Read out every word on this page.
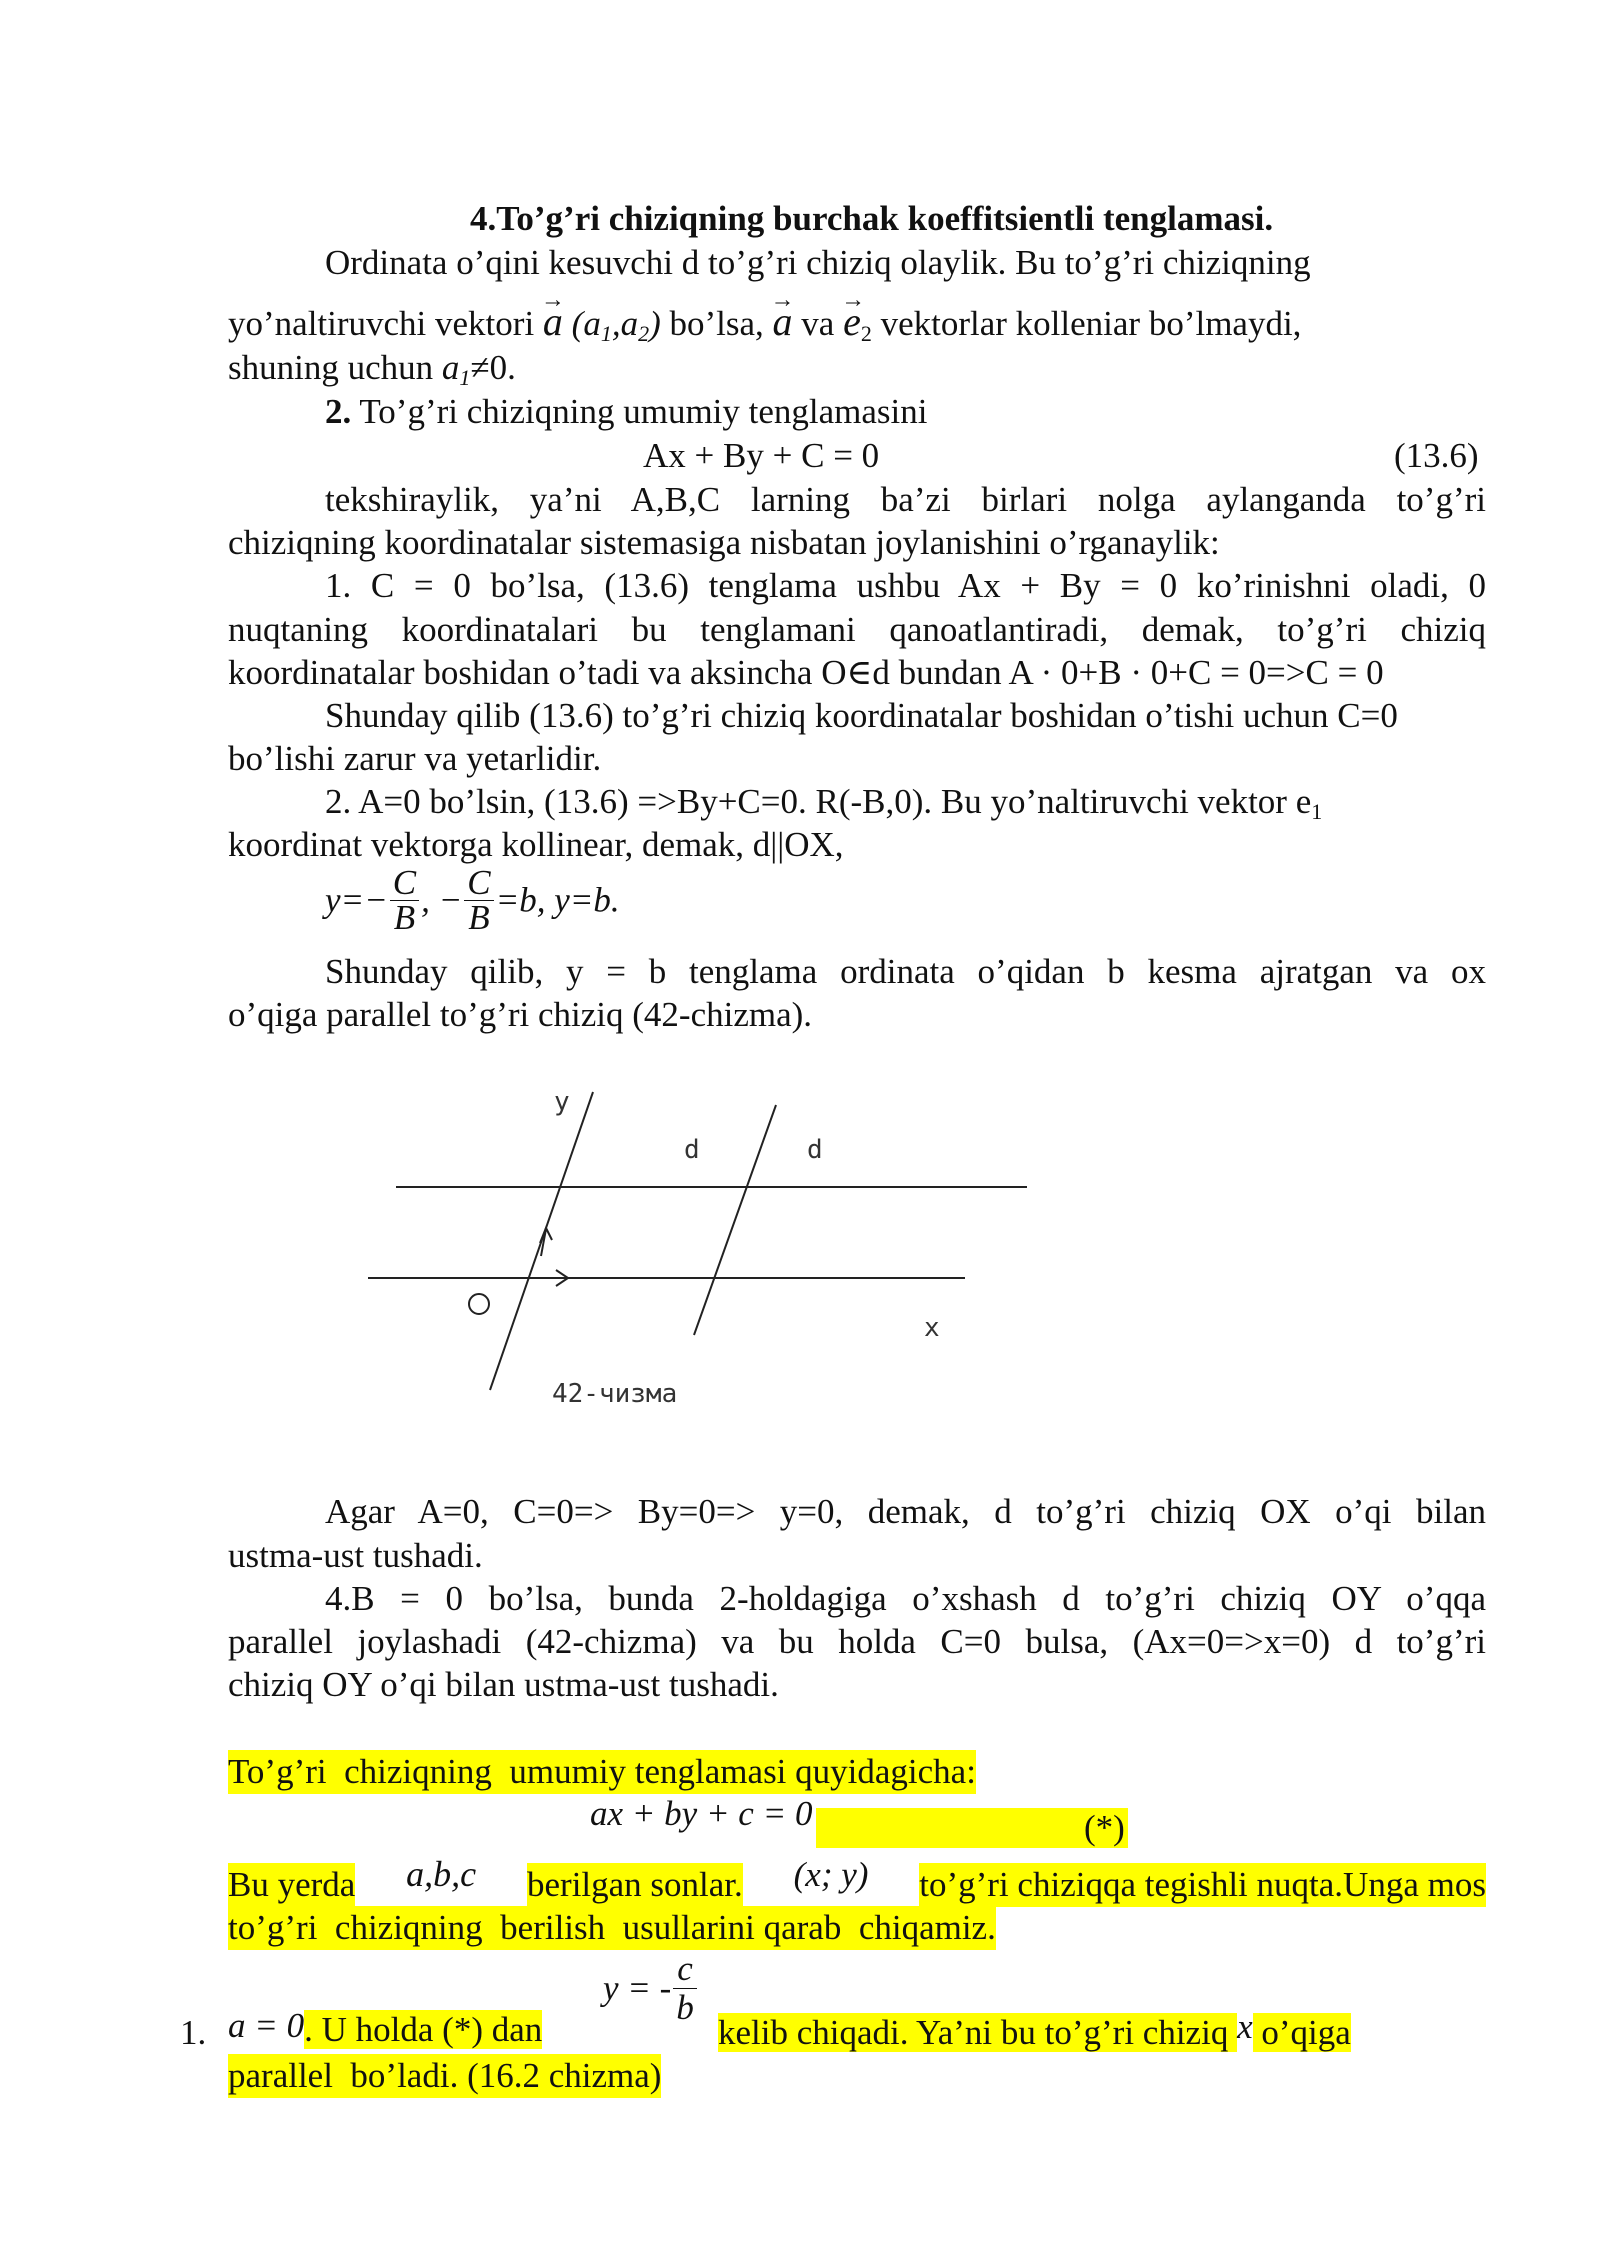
4.To’g’ri chiziqning burchak koeffitsientli tenglamasi.
Ordinata o’qini kesuvchi d to’g’ri chiziq olaylik. Bu to’g’ri chiziqning
yo’naltiruvchi vektori → a $(a_1,a_2)$ bo’lsa, → a va → $e_2$ vektorlar kolleniar bo’lmaydi,
shuning uchun $a_1\ne 0$.
2. To’g’ri chiziqning umumiy tenglamasini
Ax + By + C = 0	(13.6)
tekshiraylik, ya’ni A,B,C larning ba’zi birlari nolga aylanganda to’g’ri
chiziqning koordinatalar sistemasiga nisbatan joylanishini o’rganaylik:
1. C = 0 bo’lsa, (13.6) tenglama ushbu Ax + By = 0 ko’rinishni oladi, 0
nuqtaning koordinatalari bu tenglamani qanoatlantiradi, demak, to’g’ri chiziq
koordinatalar boshidan o’tadi va aksincha O∈d bundan A · 0+B · 0+C = 0=>C = 0
Shunday qilib (13.6) to’g’ri chiziq koordinatalar boshidan o’tishi uchun C=0
bo’lishi zarur va yetarlidir.
2. A=0 bo’lsin, (13.6) =>By+C=0. R(-B,0). Bu yo’naltiruvchi vektor $e_1$
koordinat vektorga kollinear, demak, d||OX,
$y=- \frac{C}{B}$ , − $\frac{C}{B} =b$, y=b.
Shunday qilib, y = b tenglama ordinata o’qidan b kesma ajratgan va ox
o’qiga parallel to’g’ri chiziq (42-chizma).
y
d	d
x
42-чизма
Agar A=0, C=0=> By=0=> y=0, demak, d to’g’ri chiziq OX o’qi bilan
ustma-ust tushadi.
4.B = 0 bo’lsa, bunda 2-holdagiga o’xshash d to’g’ri chiziq OY o’qqa
parallel joylashadi (42-chizma) va bu holda C=0 bulsa, (Ax=0=>x=0) d to’g’ri
chiziq OY o’qi bilan ustma-ust tushadi.
To’g’ri  chiziqning  umumiy tenglamasi quyidagicha:
ax + by + c = 0	(*)
Bu yerda a,b,c berilgan sonlar. (x; y) to’g’ri chiziqqa tegishli nuqta.Unga mos
to’g’ri  chiziqning  berilish  usullarini qarab  chiqamiz.
1. a = 0. U holda (*) dan
y = - $\frac{c}{b}$
kelib chiqadi. Ya’ni bu to’g’ri chiziq x o’qiga
parallel  bo’ladi. (16.2 chizma)
